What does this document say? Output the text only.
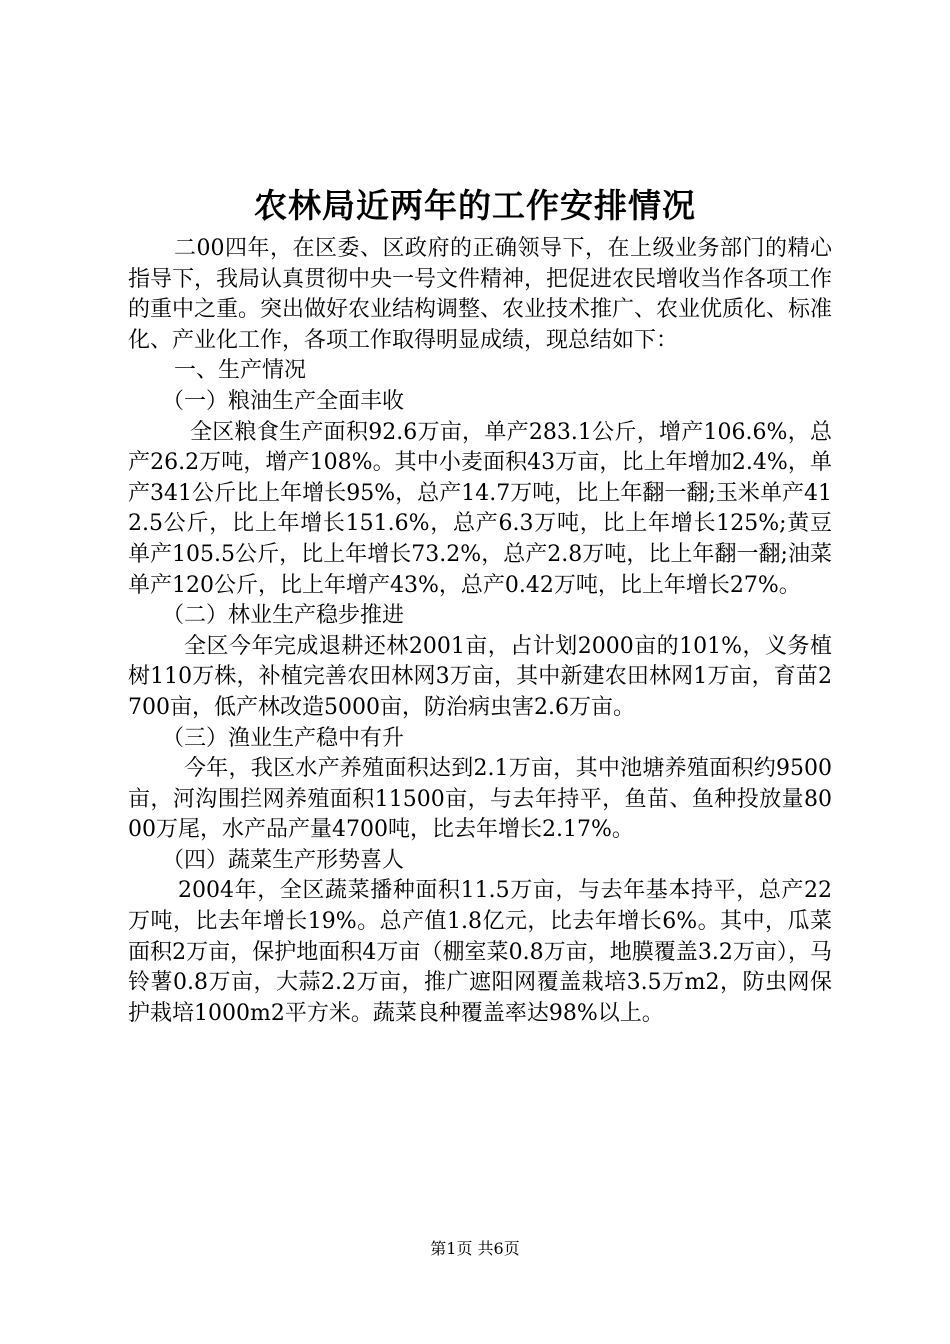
农林局近两年的工作安排情况

二00四年，在区委、区政府的正确领导下，在上级业务部门的精心指导下，我局认真贯彻中央一号文件精神，把促进农民增收当作各项工作的重中之重。突出做好农业结构调整、农业技术推广、农业优质化、标准化、产业化工作，各项工作取得明显成绩，现总结如下：

一、生产情况

（一）粮油生产全面丰收

全区粮食生产面积92.6万亩，单产283.1公斤，增产106.6%，总产26.2万吨，增产108%。其中小麦面积43万亩，比上年增加2.4%，单产341公斤比上年增长95%，总产14.7万吨，比上年翻一翻;玉米单产412.5公斤，比上年增长151.6%，总产6.3万吨，比上年增长125%;黄豆单产105.5公斤，比上年增长73.2%，总产2.8万吨，比上年翻一翻;油菜单产120公斤，比上年增产43%，总产0.42万吨，比上年增长27%。

（二）林业生产稳步推进

全区今年完成退耕还林2001亩，占计划2000亩的101%，义务植树110万株，补植完善农田林网3万亩，其中新建农田林网1万亩，育苗2700亩，低产林改造5000亩，防治病虫害2.6万亩。

（三）渔业生产稳中有升

今年，我区水产养殖面积达到2.1万亩，其中池塘养殖面积约9500亩，河沟围拦网养殖面积11500亩，与去年持平，鱼苗、鱼种投放量8000万尾，水产品产量4700吨，比去年增长2.17%。

（四）蔬菜生产形势喜人

2004年，全区蔬菜播种面积11.5万亩，与去年基本持平，总产22万吨，比去年增长19%。总产值1.8亿元，比去年增长6%。其中，瓜菜面积2万亩，保护地面积4万亩（棚室菜0.8万亩，地膜覆盖3.2万亩），马铃薯0.8万亩，大蒜2.2万亩，推广遮阳网覆盖栽培3.5万m2，防虫网保护栽培1000m2平方米。蔬菜良种覆盖率达98%以上。

第1页 共6页
